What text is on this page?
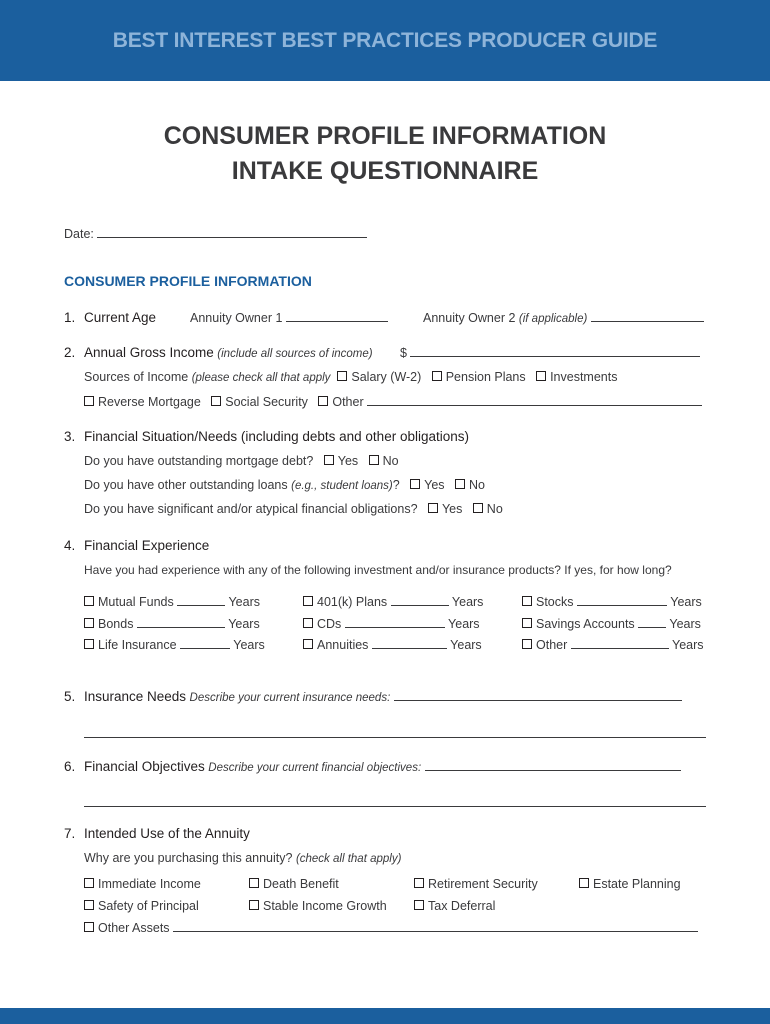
BEST INTEREST BEST PRACTICES PRODUCER GUIDE
CONSUMER PROFILE INFORMATION
INTAKE QUESTIONNAIRE
Date:
CONSUMER PROFILE INFORMATION
1. Current Age	Annuity Owner 1	Annuity Owner 2 (if applicable)
2. Annual Gross Income (include all sources of income) $
Sources of Income (please check all that apply Salary (W-2) Pension Plans Investments
Reverse Mortgage Social Security Other
3. Financial Situation/Needs (including debts and other obligations)
Do you have outstanding mortgage debt? Yes No
Do you have other outstanding loans (e.g., student loans)? Yes No
Do you have significant and/or atypical financial obligations? Yes No
4. Financial Experience
Have you had experience with any of the following investment and/or insurance products? If yes, for how long?
Mutual Funds	Years	401(k) Plans	Years	Stocks	Years
Bonds	Years	CDs	Years	Savings Accounts	Years
Life Insurance	Years	Annuities	Years	Other	Years
5. Insurance Needs Describe your current insurance needs:
6. Financial Objectives Describe your current financial objectives:
7. Intended Use of the Annuity
Why are you purchasing this annuity? (check all that apply)
Immediate Income	Death Benefit	Retirement Security	Estate Planning
Safety of Principal	Stable Income Growth	Tax Deferral
Other Assets
